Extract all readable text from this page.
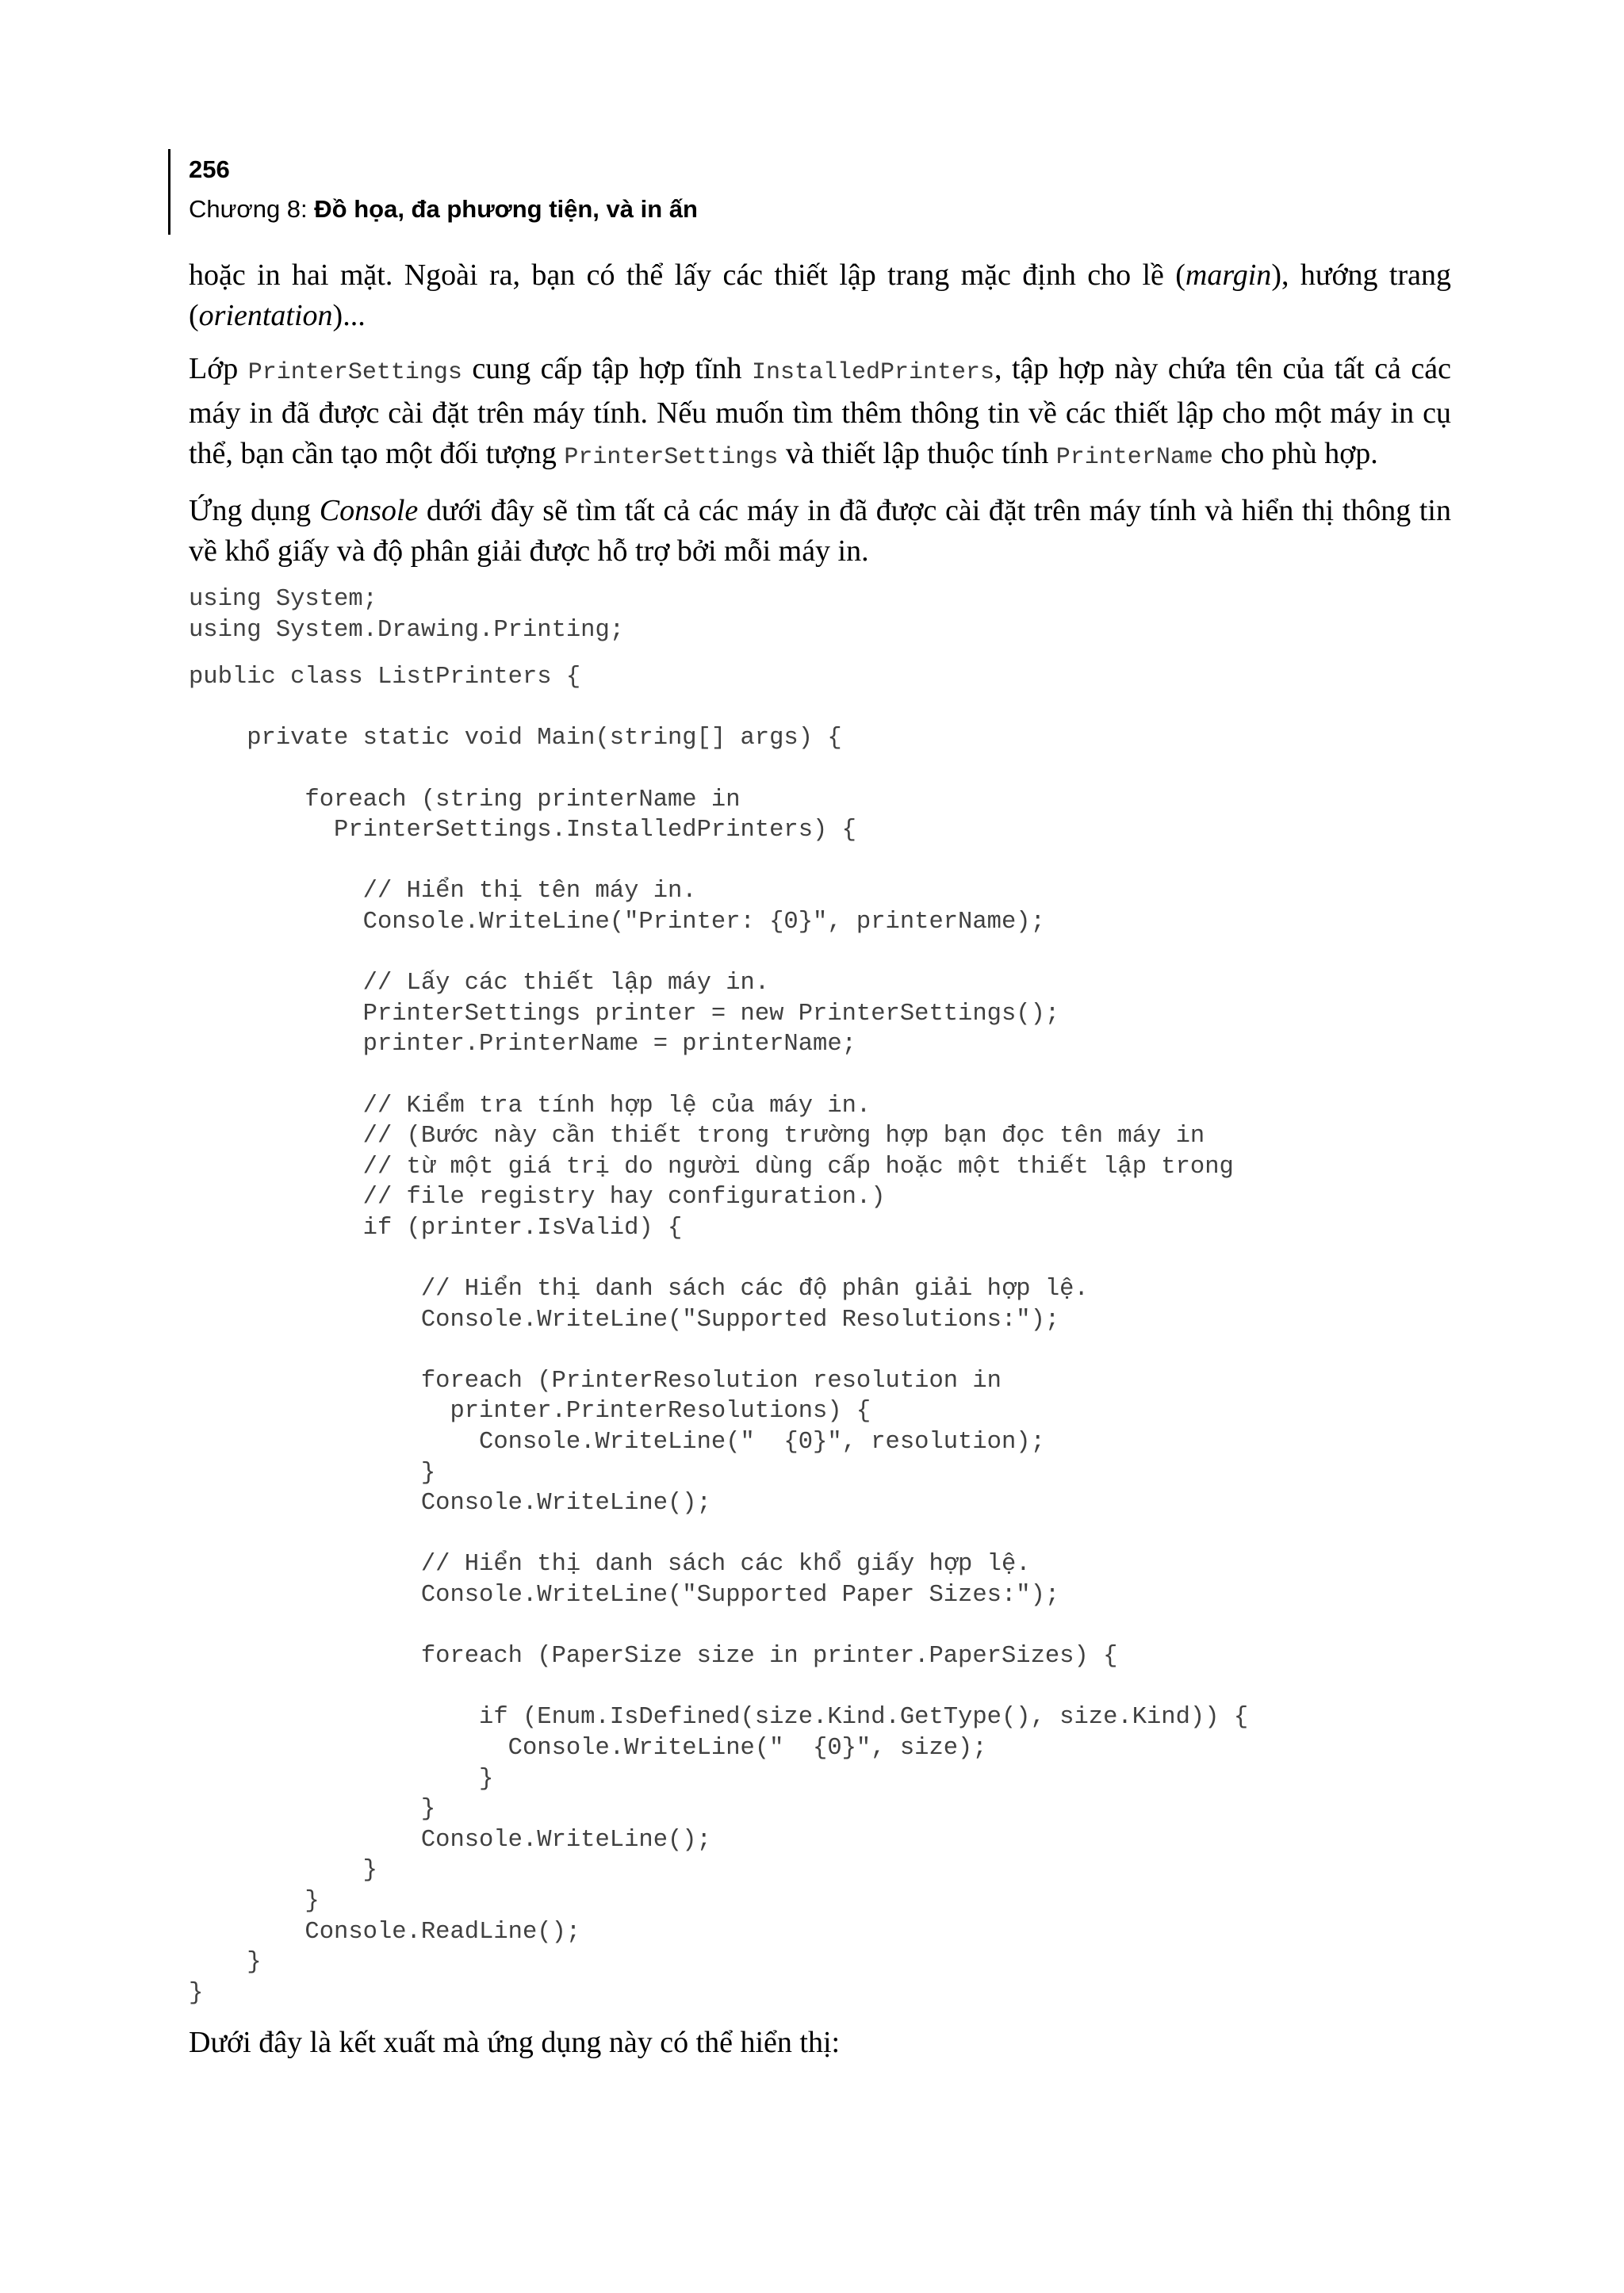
256
Chương 8: Đồ họa, đa phương tiện, và in ấn

hoặc in hai mặt. Ngoài ra, bạn có thể lấy các thiết lập trang mặc định cho lề (margin), hướng trang (orientation)...

Lớp PrinterSettings cung cấp tập hợp tĩnh InstalledPrinters, tập hợp này chứa tên của tất cả các máy in đã được cài đặt trên máy tính. Nếu muốn tìm thêm thông tin về các thiết lập cho một máy in cụ thể, bạn cần tạo một đối tượng PrinterSettings và thiết lập thuộc tính PrinterName cho phù hợp.

Ứng dụng Console dưới đây sẽ tìm tất cả các máy in đã được cài đặt trên máy tính và hiển thị thông tin về khổ giấy và độ phân giải được hỗ trợ bởi mỗi máy in.

using System;
using System.Drawing.Printing;
public class ListPrinters {

private static void Main(string[] args) {

foreach (string printerName in
PrinterSettings.InstalledPrinters) {

// Hiển thị tên máy in.
Console.WriteLine("Printer: {0}", printerName);

// Lấy các thiết lập máy in.
PrinterSettings printer = new PrinterSettings();
printer.PrinterName = printerName;

// Kiểm tra tính hợp lệ của máy in.
// (Bước này cần thiết trong trường hợp bạn đọc tên máy in
// từ một giá trị do người dùng cấp hoặc một thiết lập trong
// file registry hay configuration.)
if (printer.IsValid) {

// Hiển thị danh sách các độ phân giải hợp lệ.
Console.WriteLine("Supported Resolutions:");

foreach (PrinterResolution resolution in
printer.PrinterResolutions) {
Console.WriteLine("  {0}", resolution);
}
Console.WriteLine();

// Hiển thị danh sách các khổ giấy hợp lệ.
Console.WriteLine("Supported Paper Sizes:");

foreach (PaperSize size in printer.PaperSizes) {

if (Enum.IsDefined(size.Kind.GetType(), size.Kind)) {
Console.WriteLine("  {0}", size);
}
}
Console.WriteLine();
}
}
Console.ReadLine();
}
}

Dưới đây là kết xuất mà ứng dụng này có thể hiển thị:
